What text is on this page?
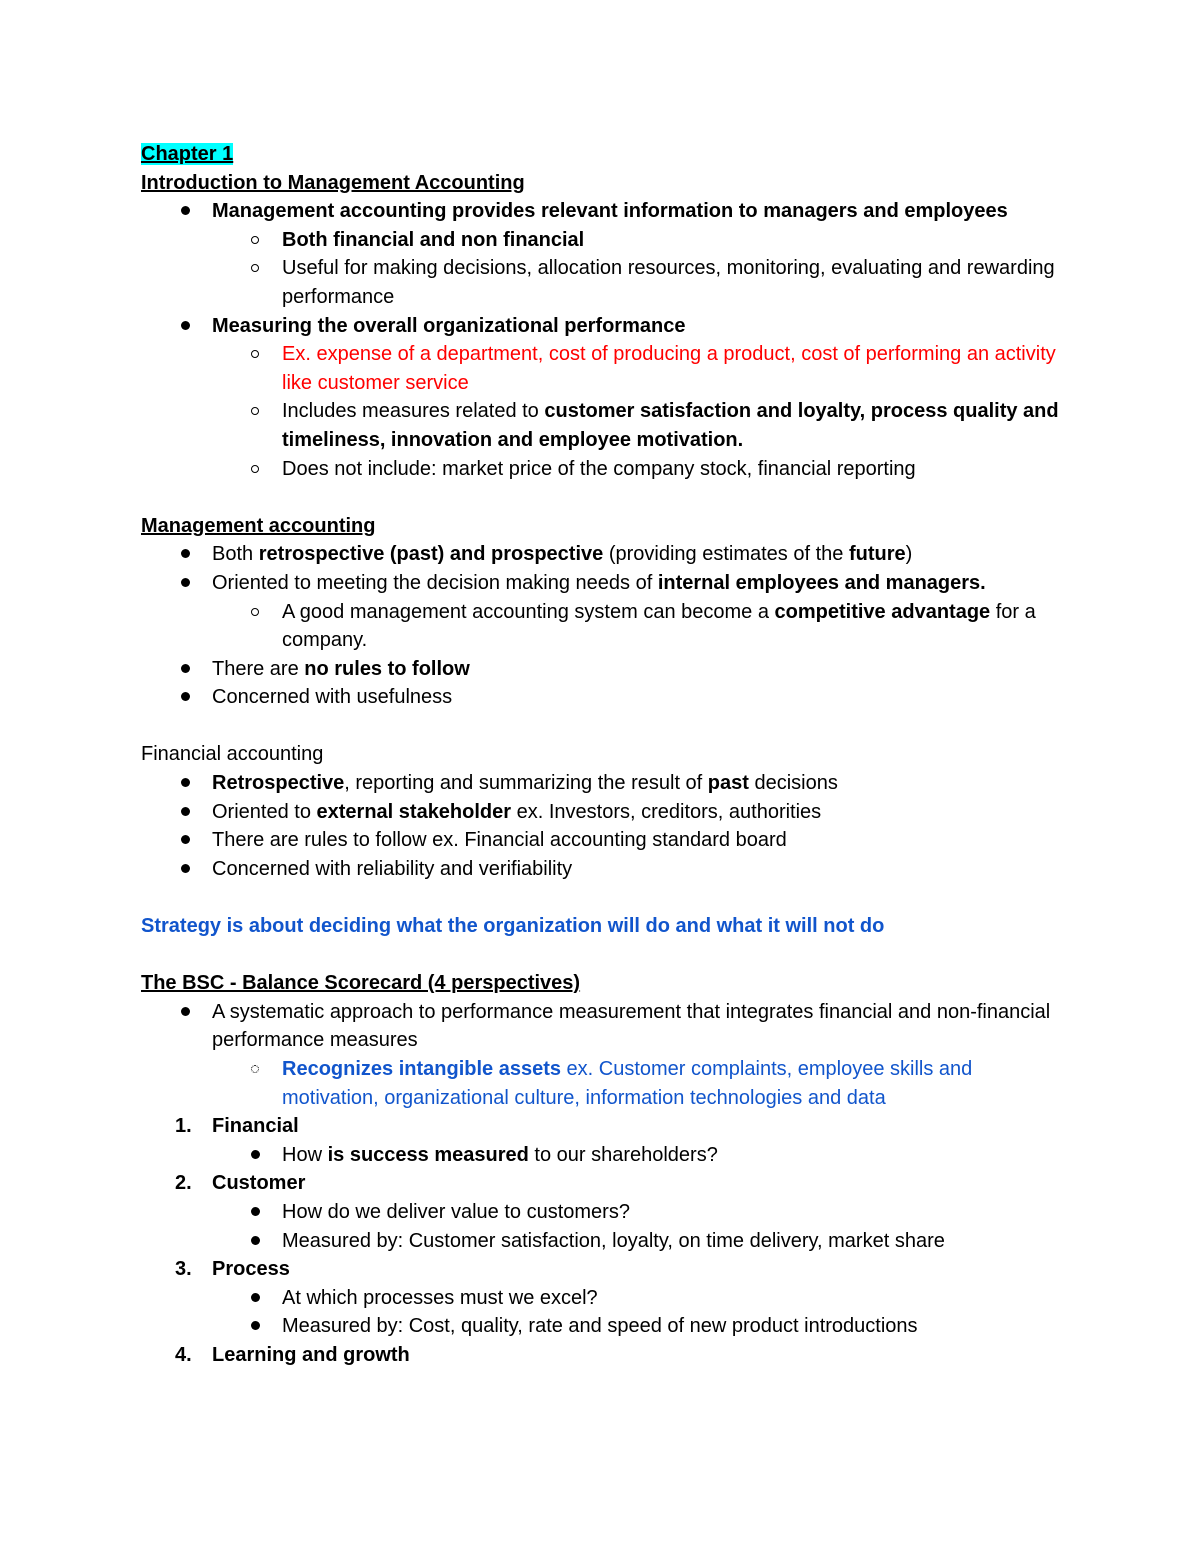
Chapter 1

Introduction to Management Accounting

Management accounting provides relevant information to managers and employees
Both financial and non financial
Useful for making decisions, allocation resources, monitoring, evaluating and rewarding performance
Measuring the overall organizational performance
Ex. expense of a department, cost of producing a product, cost of performing an activity like customer service
Includes measures related to customer satisfaction and loyalty, process quality and timeliness, innovation and employee motivation.
Does not include: market price of the company stock, financial reporting

Management accounting

Both retrospective (past) and prospective (providing estimates of the future)
Oriented to meeting the decision making needs of internal employees and managers.
A good management accounting system can become a competitive advantage for a company.
There are no rules to follow
Concerned with usefulness

Financial accounting

Retrospective, reporting and summarizing the result of past decisions
Oriented to external stakeholder ex. Investors, creditors, authorities
There are rules to follow ex. Financial accounting standard board
Concerned with reliability and verifiability

Strategy is about deciding what the organization will do and what it will not do

The BSC - Balance Scorecard (4 perspectives)

A systematic approach to performance measurement that integrates financial and non-financial performance measures
Recognizes intangible assets ex. Customer complaints, employee skills and motivation, organizational culture, information technologies and data
1. Financial
How is success measured to our shareholders?
2. Customer
How do we deliver value to customers?
Measured by: Customer satisfaction, loyalty, on time delivery, market share
3. Process
At which processes must we excel?
Measured by: Cost, quality, rate and speed of new product introductions
4. Learning and growth
